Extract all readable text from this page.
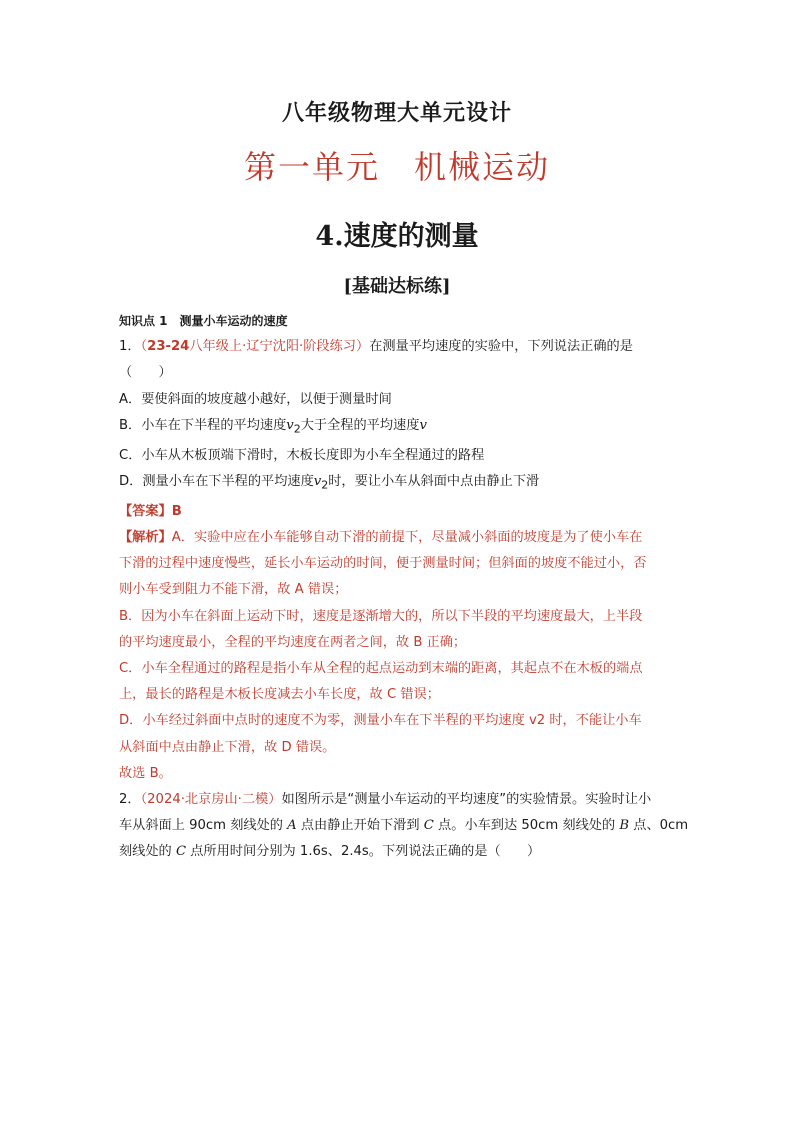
八年级物理大单元设计
第一单元　机械运动
4.速度的测量
[基础达标练]
知识点 1　测量小车运动的速度
1．（23-24八年级上·辽宁沈阳·阶段练习）在测量平均速度的实验中，下列说法正确的是
（　　）
A．要使斜面的坡度越小越好，以便于测量时间
B．小车在下半程的平均速度$v_2$大于全程的平均速度v
C．小车从木板顶端下滑时，木板长度即为小车全程通过的路程
D．测量小车在下半程的平均速度$v_2$时，要让小车从斜面中点由静止下滑
【答案】B
【解析】A．实验中应在小车能够自动下滑的前提下，尽量减小斜面的坡度是为了使小车在
下滑的过程中速度慢些，延长小车运动的时间，便于测量时间；但斜面的坡度不能过小，否
则小车受到阻力不能下滑，故 A 错误；
B．因为小车在斜面上运动下时，速度是逐渐增大的，所以下半段的平均速度最大，上半段
的平均速度最小，全程的平均速度在两者之间，故 B 正确；
C．小车全程通过的路程是指小车从全程的起点运动到末端的距离，其起点不在木板的端点
上，最长的路程是木板长度减去小车长度，故 C 错误；
D．小车经过斜面中点时的速度不为零，测量小车在下半程的平均速度 v2 时，不能让小车
从斜面中点由静止下滑，故 D 错误。
故选 B。
2．（2024·北京房山·二模）如图所示是“测量小车运动的平均速度”的实验情景。实验时让小
车从斜面上 90cm 刻线处的 A 点由静止开始下滑到 C 点。小车到达 50cm 刻线处的 B 点、0cm
刻线处的 C 点所用时间分别为 1.6s、2.4s。下列说法正确的是（　　）
